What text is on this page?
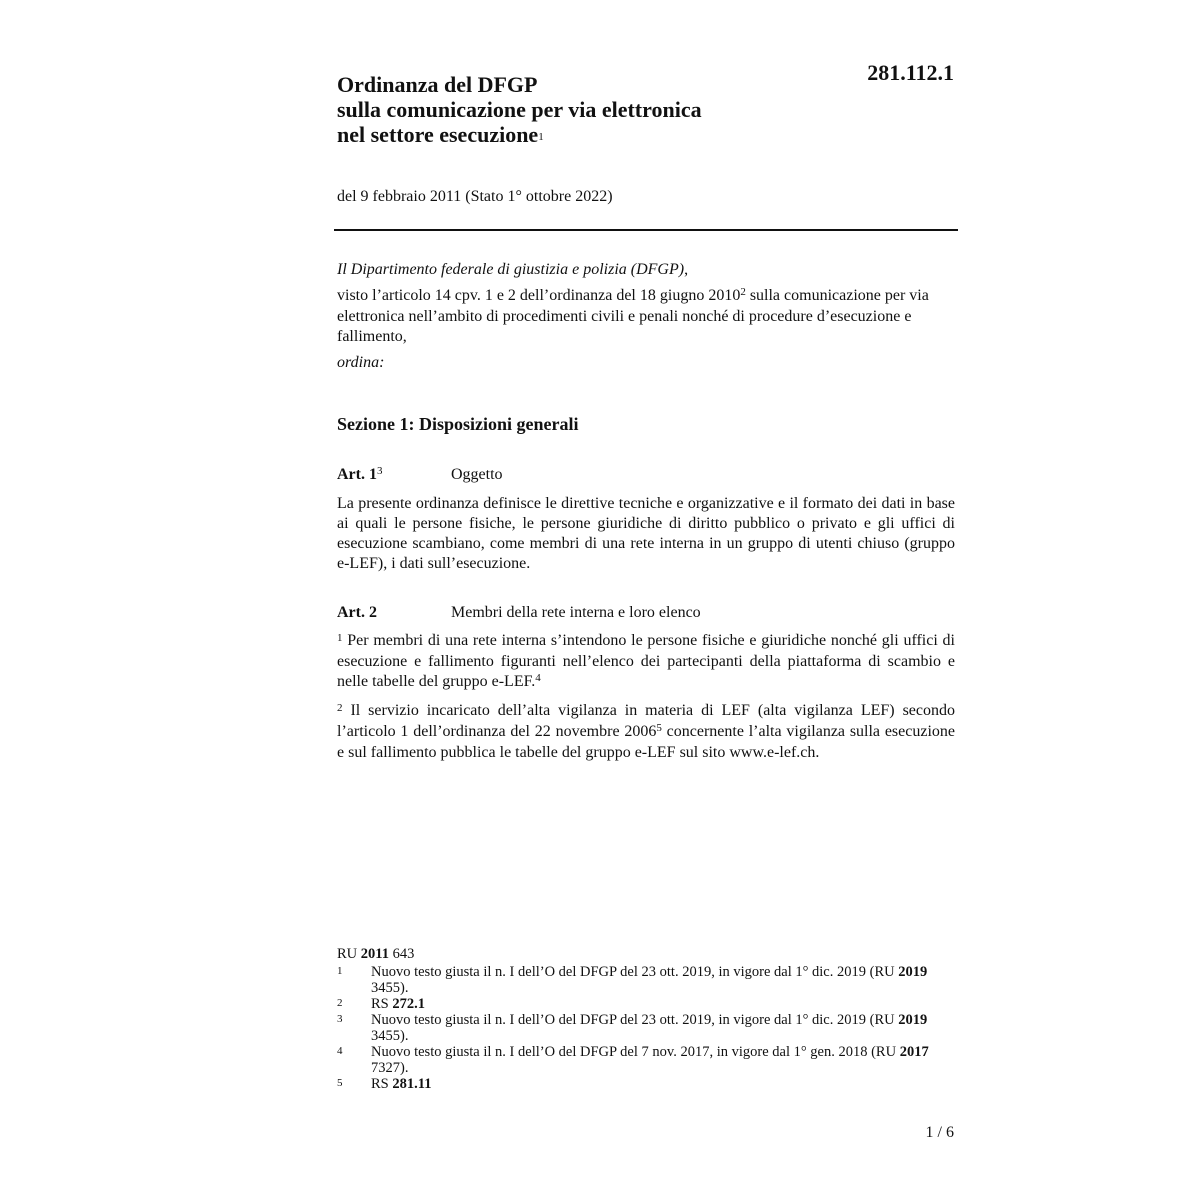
281.112.1
Ordinanza del DFGP
sulla comunicazione per via elettronica
nel settore esecuzione$^1$
del 9 febbraio 2011 (Stato 1° ottobre 2022)

Il Dipartimento federale di giustizia e polizia (DFGP),

visto l’articolo 14 cpv. 1 e 2 dell’ordinanza del 18 giugno 2010$^2$ sulla comunicazione per via elettronica nell’ambito di procedimenti civili e penali nonché di procedure d’esecuzione e fallimento,

ordina:

Sezione 1: Disposizioni generali
Art. 1$^3$	Oggetto

La presente ordinanza definisce le direttive tecniche e organizzative e il formato dei dati in base ai quali le persone fisiche, le persone giuridiche di diritto pubblico o privato e gli uffici di esecuzione scambiano, come membri di una rete interna in un gruppo di utenti chiuso (gruppo e-LEF), i dati sull’esecuzione.

Art. 2	Membri della rete interna e loro elenco

$^1$ Per membri di una rete interna s’intendono le persone fisiche e giuridiche nonché gli uffici di esecuzione e fallimento figuranti nell’elenco dei partecipanti della piattaforma di scambio e nelle tabelle del gruppo e-LEF.$^4$

$^2$ Il servizio incaricato dell’alta vigilanza in materia di LEF (alta vigilanza LEF) secondo l’articolo 1 dell’ordinanza del 22 novembre 2006$^5$ concernente l’alta vigilanza sulla esecuzione e sul fallimento pubblica le tabelle del gruppo e-LEF sul sito www.e-lef.ch.

RU 2011 643
1	Nuovo testo giusta il n. I dell’O del DFGP del 23 ott. 2019, in vigore dal 1° dic. 2019 (RU 2019 3455).
2	RS 272.1
3	Nuovo testo giusta il n. I dell’O del DFGP del 23 ott. 2019, in vigore dal 1° dic. 2019 (RU 2019 3455).
4	Nuovo testo giusta il n. I dell’O del DFGP del 7 nov. 2017, in vigore dal 1° gen. 2018 (RU 2017 7327).
5	RS 281.11
1 / 6
